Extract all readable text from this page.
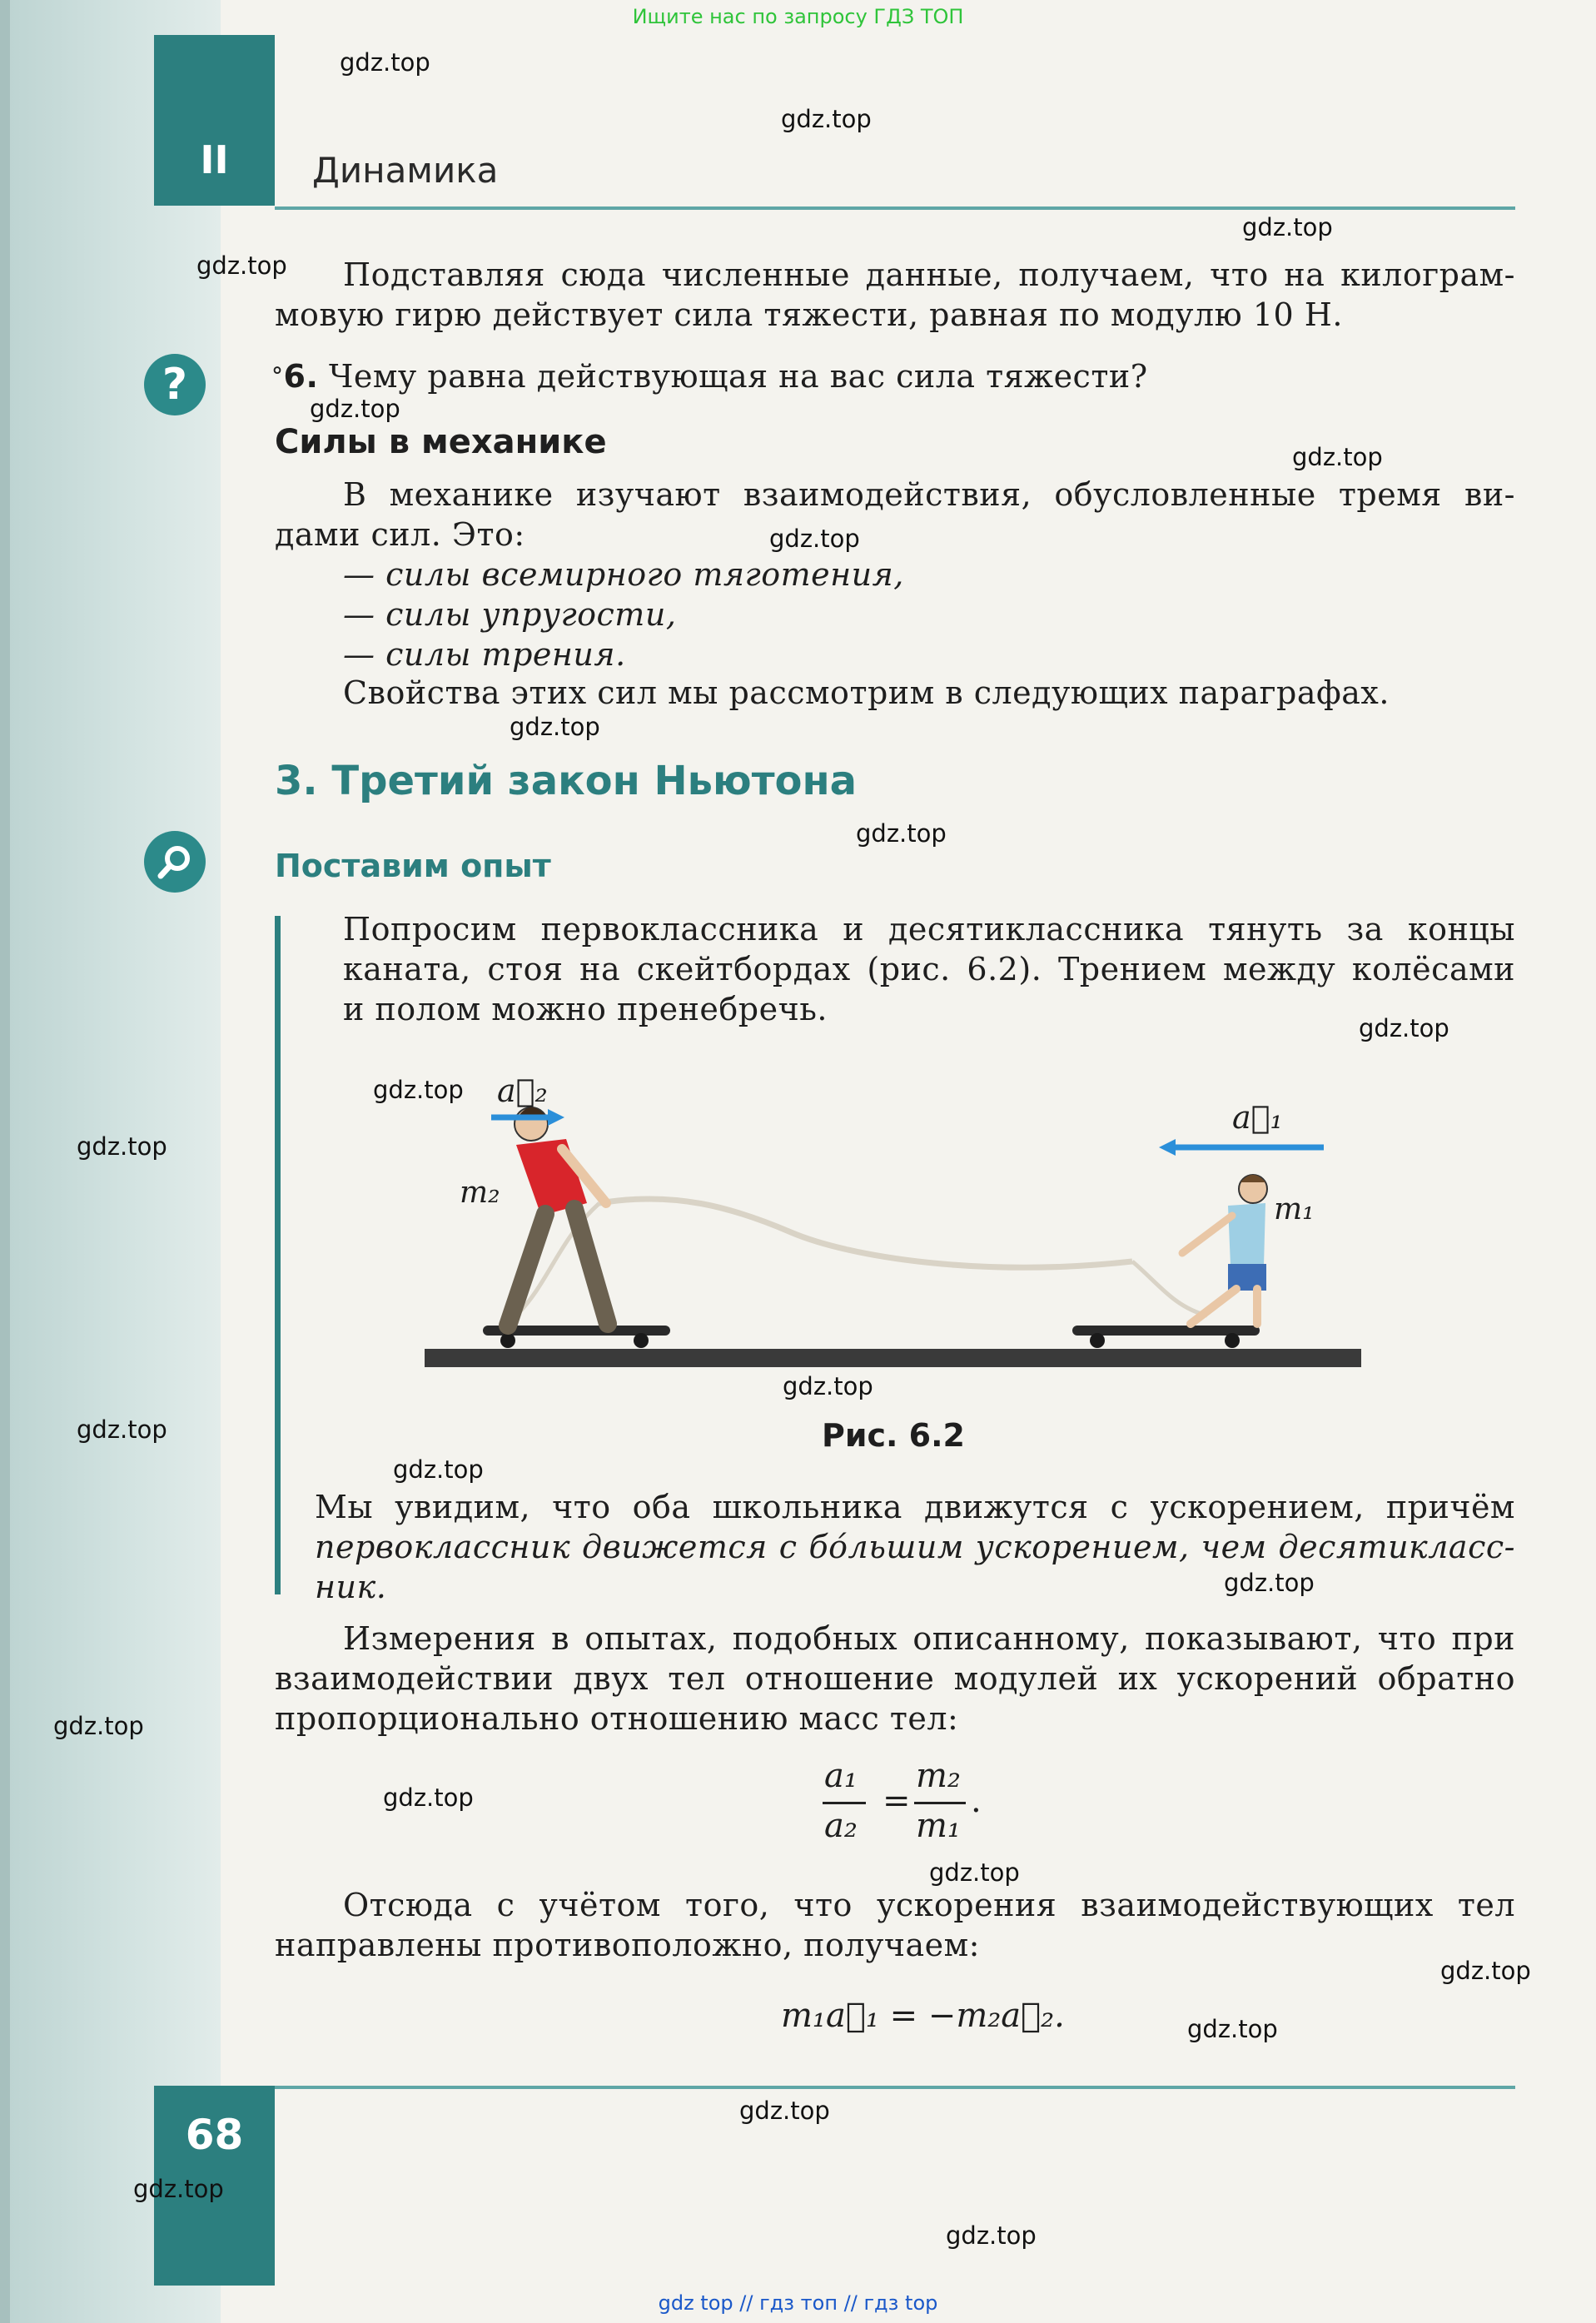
Ищите нас по запросу ГДЗ ТОП
II	Динамика
Подставляя сюда численные данные, получаем, что на килограм-
мовую гирю действует сила тяжести, равная по модулю 10 Н.
?	°6. Чему равна действующая на вас сила тяжести?
Силы в механике
В механике изучают взаимодействия, обусловленные тремя ви-
дами сил. Это:
— силы всемирного тяготения,
— силы упругости,
— силы трения.
Свойства этих сил мы рассмотрим в следующих параграфах.
3. Третий закон Ньютона
Поставим опыт
Попросим первоклассника и десятиклассника тянуть за концы
каната, стоя на скейтбордах (рис. 6.2). Трением между колёсами
и полом можно пренебречь.
a⃗₂
a⃗₁
m₂	m₁
Рис. 6.2
Мы увидим, что оба школьника движутся с ускорением, причём
первоклассник движется с бо́льшим ускорением, чем десятикласс-
ник.
Измерения в опытах, подобных описанному, показывают, что при
взаимодействии двух тел отношение модулей их ускорений обратно
пропорционально отношению масс тел:
a₁
a₂
=
m₂
m₁
.
Отсюда с учётом того, что ускорения взаимодействующих тел
направлены противоположно, получаем:
m₁a⃗₁ = −m₂a⃗₂.
68
gdz.top
gdz.top
gdz.top
gdz.top
gdz.top
gdz.top
gdz.top
gdz.top
gdz.top
gdz.top
gdz.top
gdz.top
gdz.top
gdz.top
gdz.top
gdz.top
gdz.top
gdz.top
gdz.top
gdz.top
gdz.top
gdz.top
gdz.top
gdz.top
gdz top // гдз топ // гдз top
